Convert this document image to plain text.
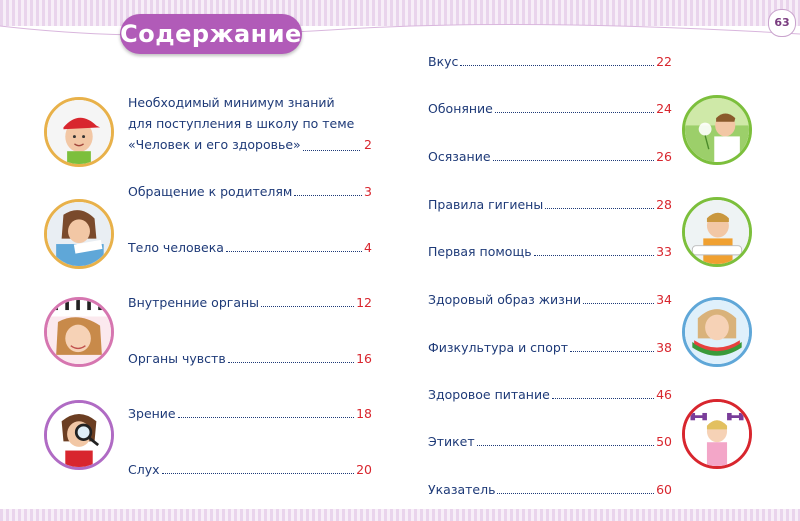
Содержание	63
Необходимый минимум знаний
для поступления в школу по теме
«Человек и его здоровье»	2
Обращение к родителям	3
Тело человека	4
Внутренние органы	12
Органы чувств	16
Зрение	18
Слух	20
Вкус	22
Обоняние	24
Осязание	26
Правила гигиены	28
Первая помощь	33
Здоровый образ жизни	34
Физкультура и спорт	38
Здоровое питание	46
Этикет	50
Указатель	60
